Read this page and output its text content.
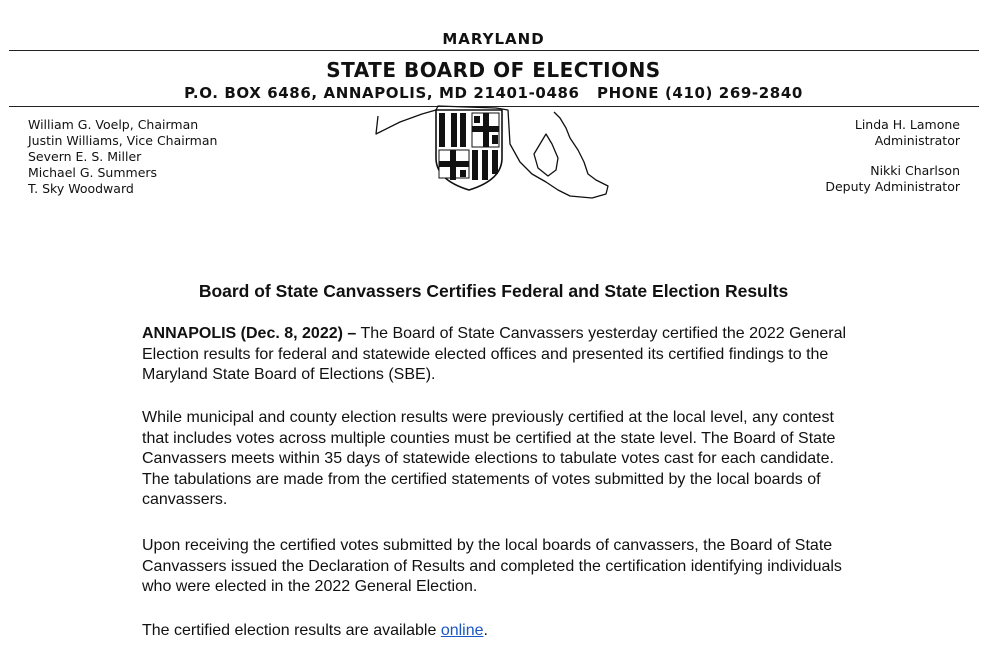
MARYLAND
STATE BOARD OF ELECTIONS
P.O. BOX 6486, ANNAPOLIS, MD 21401-0486   PHONE (410) 269-2840
William G. Voelp, Chairman
Justin Williams, Vice Chairman
Severn E. S. Miller
Michael G. Summers
T. Sky Woodward
Linda H. Lamone
Administrator
Nikki Charlson
Deputy Administrator
Board of State Canvassers Certifies Federal and State Election Results

ANNAPOLIS (Dec. 8, 2022) – The Board of State Canvassers yesterday certified the 2022 General Election results for federal and statewide elected offices and presented its certified findings to the Maryland State Board of Elections (SBE).

While municipal and county election results were previously certified at the local level, any contest that includes votes across multiple counties must be certified at the state level. The Board of State Canvassers meets within 35 days of statewide elections to tabulate votes cast for each candidate. The tabulations are made from the certified statements of votes submitted by the local boards of canvassers.

Upon receiving the certified votes submitted by the local boards of canvassers, the Board of State Canvassers issued the Declaration of Results and completed the certification identifying individuals who were elected in the 2022 General Election.

The certified election results are available online.
